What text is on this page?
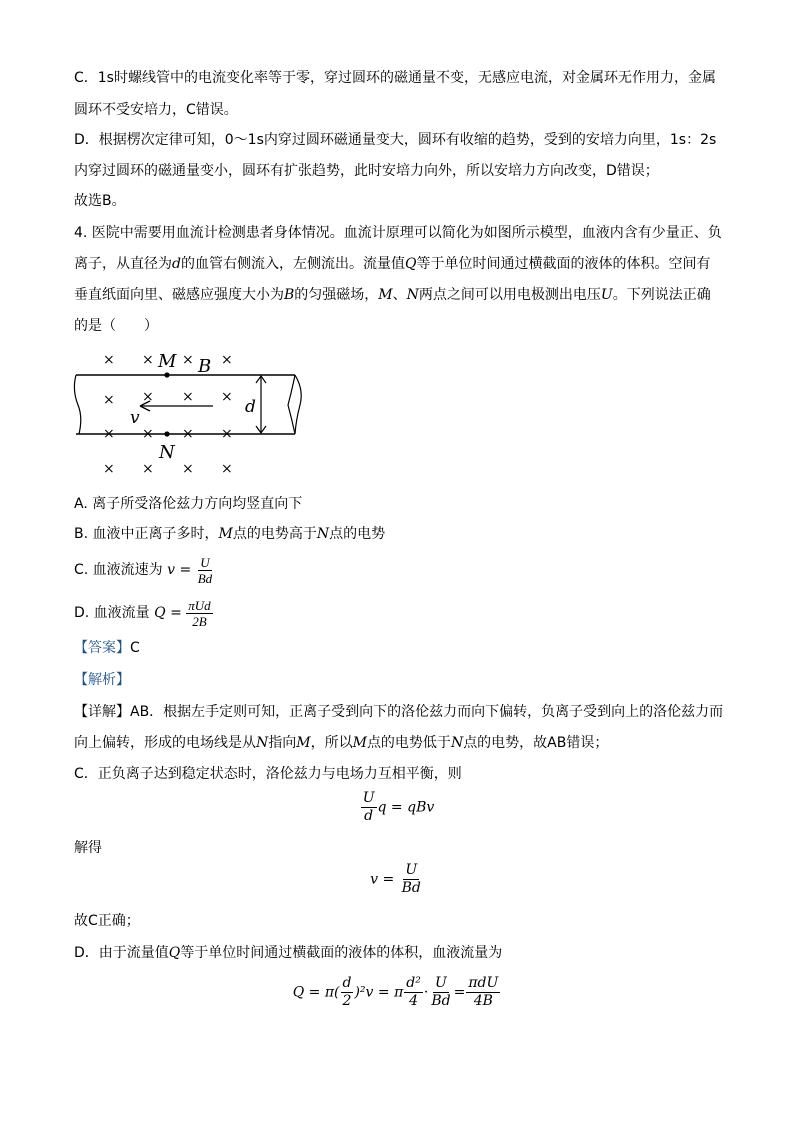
C．1s时螺线管中的电流变化率等于零，穿过圆环的磁通量不变，无感应电流，对金属环无作用力，金属
圆环不受安培力，C错误。
D．根据楞次定律可知，0～1s内穿过圆环磁通量变大，圆环有收缩的趋势，受到的安培力向里，1s：2s
内穿过圆环的磁通量变小，圆环有扩张趋势，此时安培力向外，所以安培力方向改变，D错误；
故选B。
4. 医院中需要用血流计检测患者身体情况。血流计原理可以简化为如图所示模型，血液内含有少量正、负
离子，从直径为d的血管右侧流入，左侧流出。流量值Q等于单位时间通过横截面的液体的体积。空间有
垂直纸面向里、磁感应强度大小为B的匀强磁场，M、N两点之间可以用电极测出电压U。下列说法正确
的是（　　）
× × × ×
M B
×	× ×
×
v
d
× × × ×
N
× × × ×
A. 离子所受洛伦兹力方向均竖直向下
B. 血液中正离子多时，M点的电势高于N点的电势
C. 血液流速为 $v = \frac{U}{Bd}$
D. 血液流量 $Q = \frac{\text{πUd}}{2B}$
【答案】C
【解析】
【详解】AB．根据左手定则可知，正离子受到向下的洛伦兹力而向下偏转，负离子受到向上的洛伦兹力而
向上偏转，形成的电场线是从N指向M，所以M点的电势低于N点的电势，故AB错误；
C．正负离子达到稳定状态时，洛伦兹力与电场力互相平衡，则
$\frac{U}{d}$ q = qBv
解得
$v = \frac{U}{Bd}$
故C正确；
D．由于流量值Q等于单位时间通过横截面的液体的体积，血液流量为
$Q = \pi( \frac{d}{2} )^2v = \pi \frac{\text{d²}}{4} \cdot \frac{U}{Bd} = \frac{\text{πdU}}{4B}$
